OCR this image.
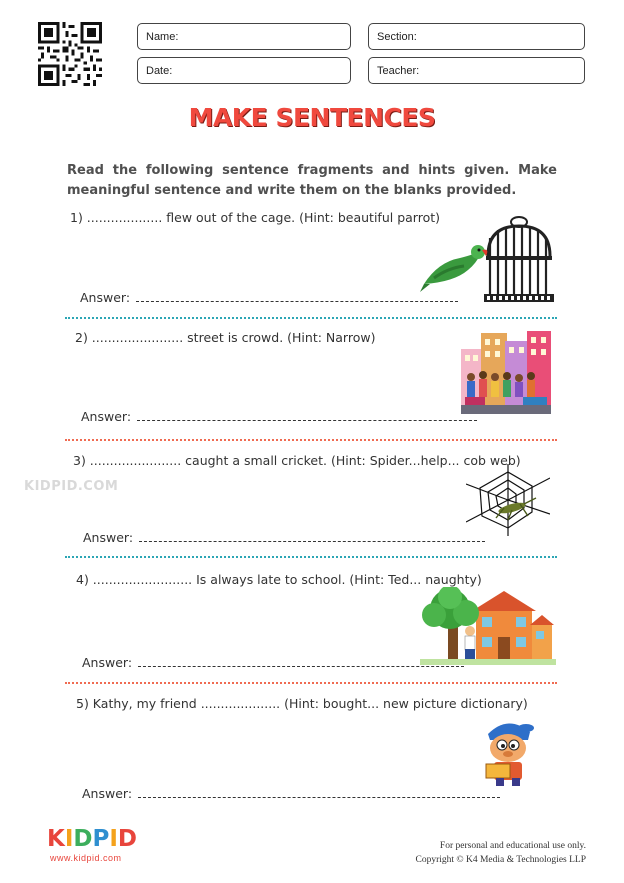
Name:	Section:
Date:	Teacher:
MAKE SENTENCES
Read the following sentence fragments and hints given. Make meaningful sentence and write them on the blanks provided.
1) ................... flew out of the cage. (Hint: beautiful parrot)
Answer:
2) ....................... street is crowd. (Hint: Narrow)
Answer:
KIDPID.COM
3) ....................... caught a small cricket. (Hint: Spider...help... cob web)
Answer:
4) ......................... Is always late to school. (Hint: Ted... naughty)
Answer:
5) Kathy, my friend .................... (Hint: bought... new picture dictionary)
Answer:
KIDPID
www.kidpid.com
For personal and educational use only.
Copyright © K4 Media & Technologies LLP
